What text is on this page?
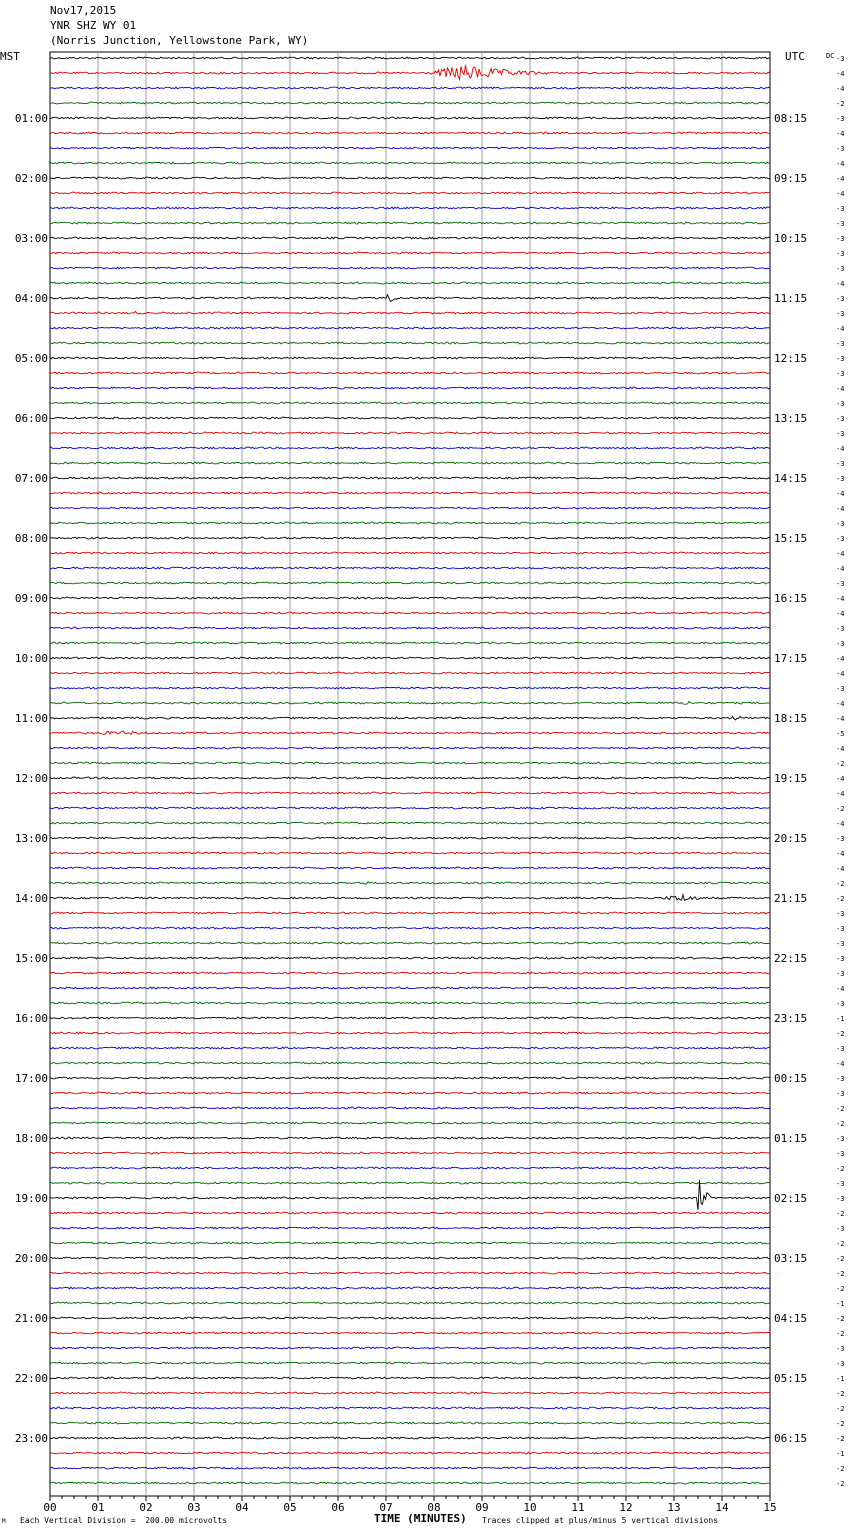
Nov17,2015
YNR SHZ WY 01
(Norris Junction, Yellowstone Park, WY)
MST	UTC	DC -3
-4
-4
-2
-3
-4
-3
-4
-4
-4
-3
-3
-3
-3
-3
-4
-3
-3
-4
-3
-3
-3
-4
-3
-3
-3
-4
-3
-3
-4
-4
-3
-3
-4
-4
-3
-4
-4
-3
-3
-4
-4
-3
-4
-4
-5
-4
-2
-4
-4
-2
-4
-3
-4
-4
-2
-2
-3
-3
-3
-3
-3
-4
-3
-1
-2
-3
-4
-3
-3
-2
-2
-3
-3
-2
-3
-3
-2
-3
-2
-2
-2
-2
-1
-2
-2
-3
-3
-1
-2
-2
-2
-2
-1
-2
-2
01:00
02:00
03:00
04:00
05:00
06:00
07:00
08:00
09:00
10:00
11:00
12:00
13:00
14:00
15:00
16:00
17:00
18:00
19:00
20:00
21:00
22:00
23:00
08:15
09:15
10:15
11:15
12:15
13:15
14:15
15:15
16:15
17:15
18:15
19:15
20:15
21:15
22:15
23:15
00:15
01:15
02:15
03:15
04:15
05:15
06:15
00	01	02	03	04	05	06	07	08	09	10	11	12	13	14	15
M Each Vertical Division =  200.00 microvolts	TIME (MINUTES) Traces clipped at plus/minus 5 vertical divisions
